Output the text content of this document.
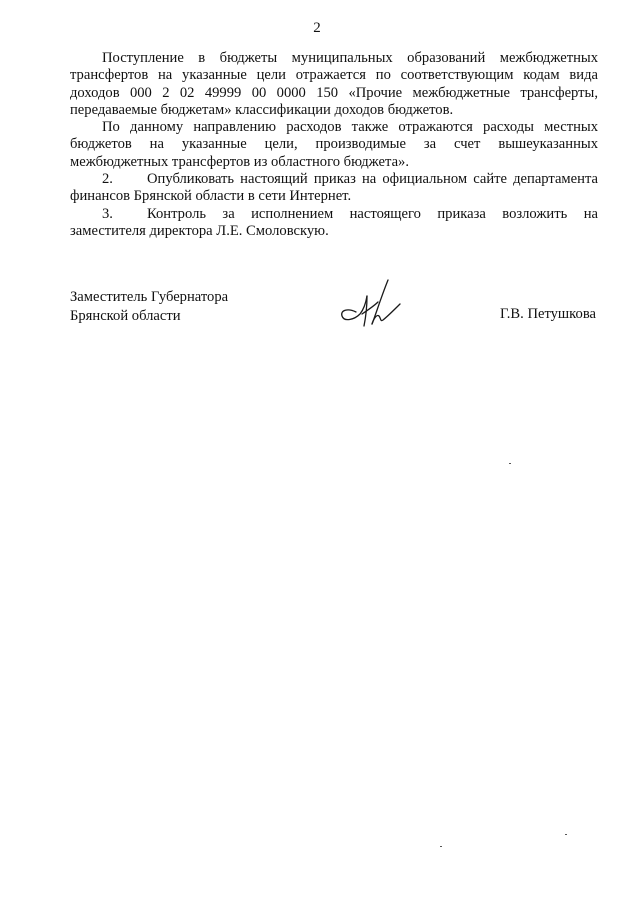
2

Поступление в бюджеты муниципальных образований межбюджетных трансфертов на указанные цели отражается по соответствующим кодам вида доходов 000 2 02 49999 00 0000 150 «Прочие межбюджетные трансферты, передаваемые бюджетам» классификации доходов бюджетов.

По данному направлению расходов также отражаются расходы местных бюджетов на указанные цели, производимые за счет вышеуказанных межбюджетных трансфертов из областного бюджета».

2. Опубликовать настоящий приказ на официальном сайте департамента финансов Брянской области в сети Интернет.

3. Контроль за исполнением настоящего приказа возложить на заместителя директора Л.Е. Смоловскую.

Заместитель Губернатора
Брянской области	Г.В. Петушкова
